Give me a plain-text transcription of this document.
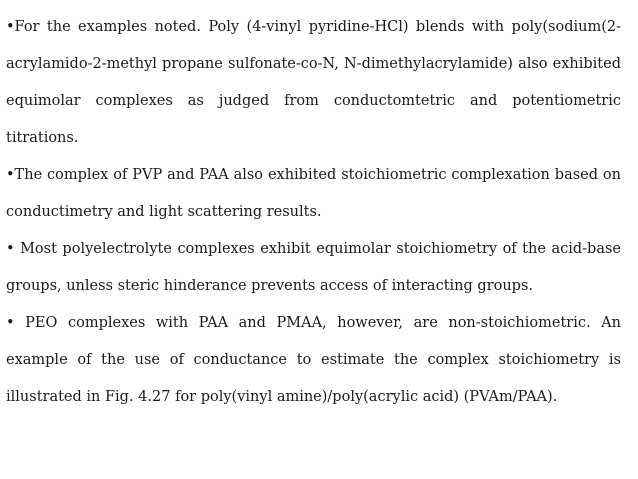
•For the examples noted. Poly (4-vinyl pyridine-HCl) blends with poly(sodium(2-acrylamido-2-methyl propane sulfonate-co-N, N-dimethylacrylamide) also exhibited equimolar complexes as judged from conductomtetric and potentiometric titrations.

•The complex of PVP and PAA also exhibited stoichiometric complexation based on conductimetry and light scattering results.

• Most polyelectrolyte complexes exhibit equimolar stoichiometry of the acid-base groups, unless steric hinderance prevents access of interacting groups.

• PEO complexes with PAA and PMAA, however, are non-stoichiometric. An example of the use of conductance to estimate the complex stoichiometry is illustrated in Fig. 4.27 for poly(vinyl amine)/poly(acrylic acid) (PVAm/PAA).
